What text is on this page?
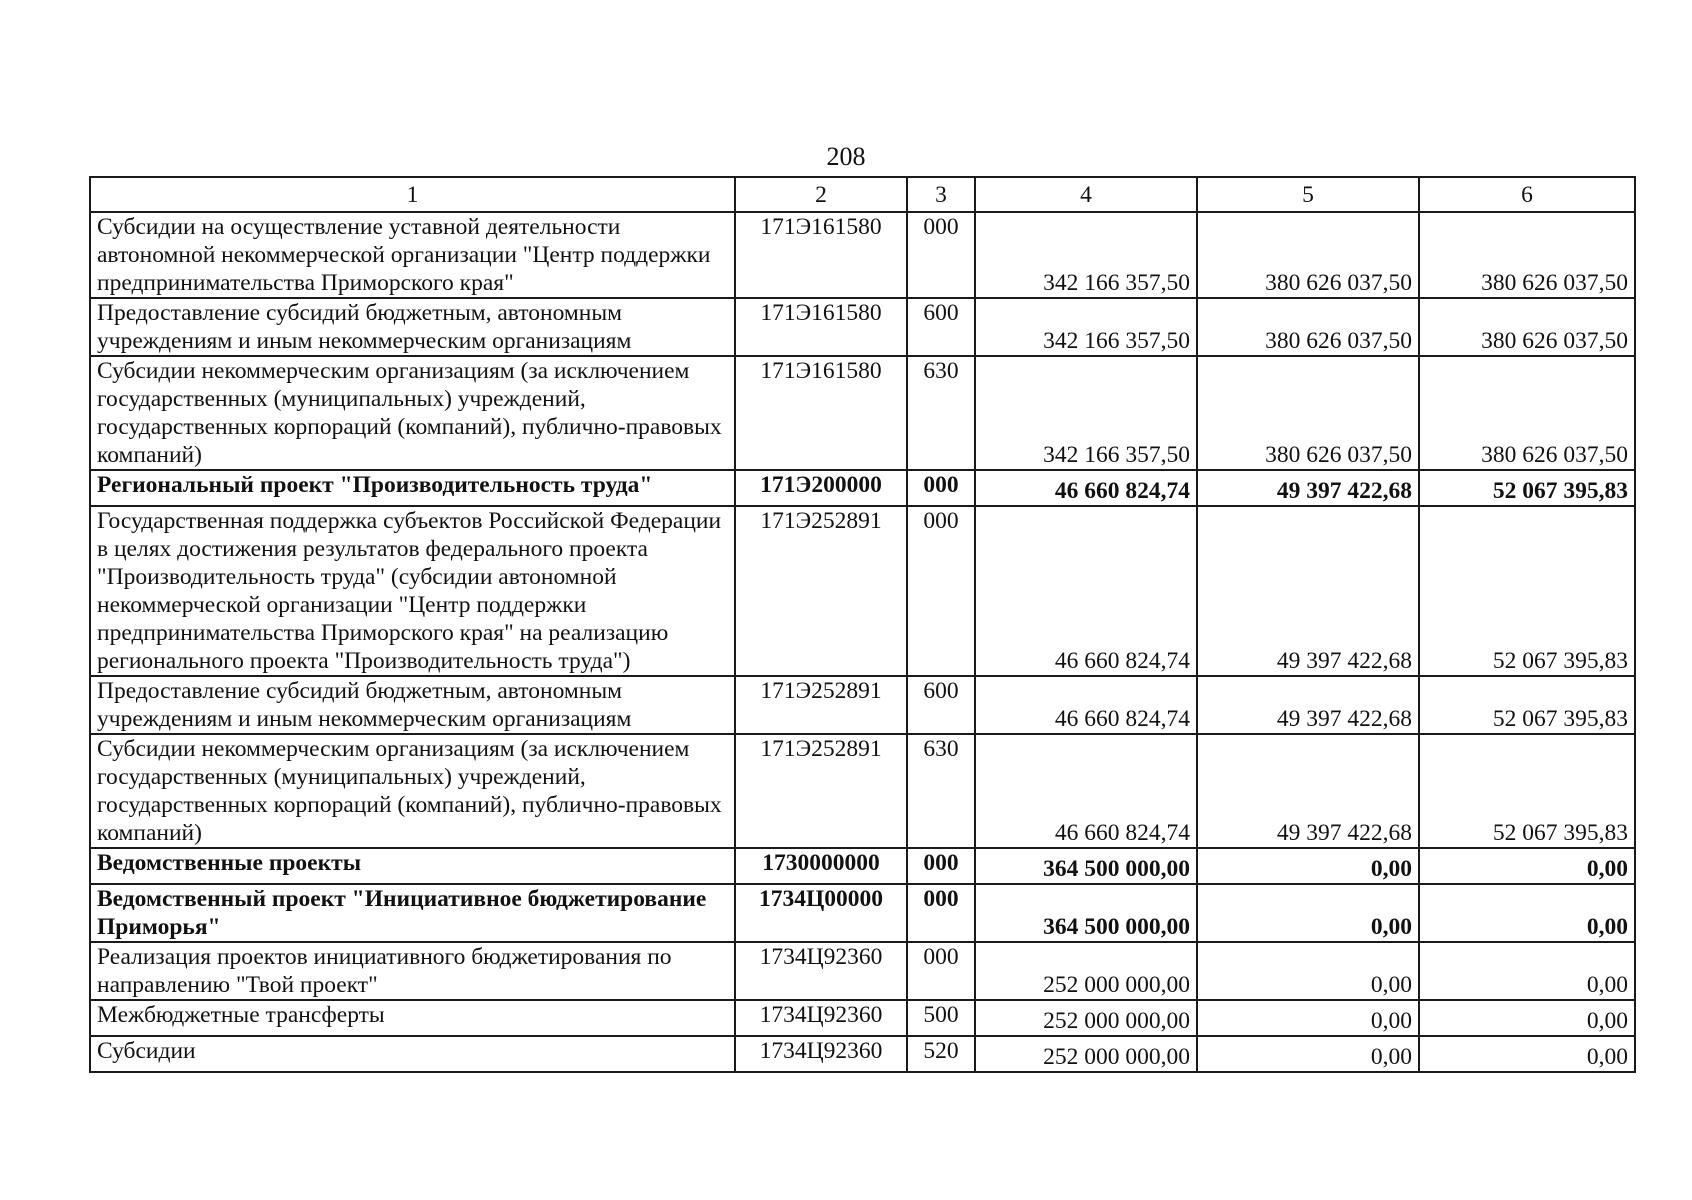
208
1	2	3	4	5	6
Субсидии на осуществление уставной деятельности автономной некоммерческой организации "Центр поддержки предпринимательства Приморского края"	171Э161580	000	342 166 357,50	380 626 037,50	380 626 037,50
Предоставление субсидий бюджетным, автономным учреждениям и иным некоммерческим организациям	171Э161580	600	342 166 357,50	380 626 037,50	380 626 037,50
Субсидии некоммерческим организациям (за исключением государственных (муниципальных) учреждений, государственных корпораций (компаний), публично-правовых компаний)	171Э161580	630	342 166 357,50	380 626 037,50	380 626 037,50
Региональный проект "Производительность труда"	171Э200000	000	46 660 824,74	49 397 422,68	52 067 395,83
Государственная поддержка субъектов Российской Федерации в целях достижения результатов федерального проекта "Производительность труда" (субсидии автономной некоммерческой организации "Центр поддержки предпринимательства Приморского края" на реализацию регионального проекта "Производительность труда")	171Э252891	000	46 660 824,74	49 397 422,68	52 067 395,83
Предоставление субсидий бюджетным, автономным учреждениям и иным некоммерческим организациям	171Э252891	600	46 660 824,74	49 397 422,68	52 067 395,83
Субсидии некоммерческим организациям (за исключением государственных (муниципальных) учреждений, государственных корпораций (компаний), публично-правовых компаний)	171Э252891	630	46 660 824,74	49 397 422,68	52 067 395,83
Ведомственные проекты	1730000000	000	364 500 000,00	0,00	0,00
Ведомственный проект "Инициативное бюджетирование Приморья"	1734Ц00000	000	364 500 000,00	0,00	0,00
Реализация проектов инициативного бюджетирования по направлению "Твой проект"	1734Ц92360	000	252 000 000,00	0,00	0,00
Межбюджетные трансферты	1734Ц92360	500	252 000 000,00	0,00	0,00
Субсидии	1734Ц92360	520	252 000 000,00	0,00	0,00
